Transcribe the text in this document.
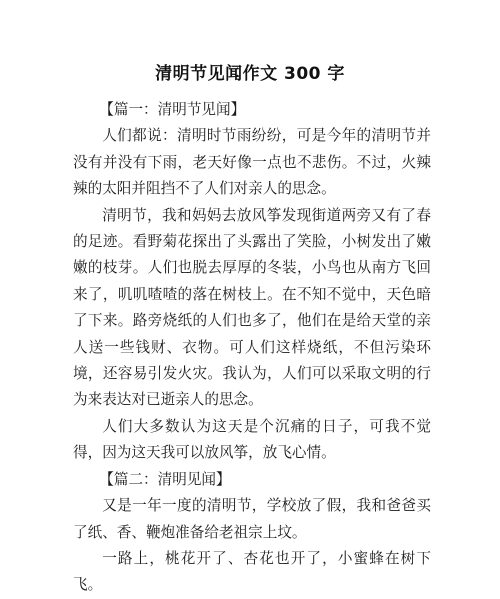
清明节见闻作文 300 字

【篇一：清明节见闻】

人们都说：清明时节雨纷纷，可是今年的清明节并没有并没有下雨，老天好像一点也不悲伤。不过，火辣辣的太阳并阻挡不了人们对亲人的思念。

清明节，我和妈妈去放风筝发现街道两旁又有了春的足迹。看野菊花探出了头露出了笑脸，小树发出了嫩嫩的枝芽。人们也脱去厚厚的冬装，小鸟也从南方飞回来了，叽叽喳喳的落在树枝上。在不知不觉中，天色暗了下来。路旁烧纸的人们也多了，他们在是给天堂的亲人送一些钱财、衣物。可人们这样烧纸，不但污染环境，还容易引发火灾。我认为，人们可以采取文明的行为来表达对已逝亲人的思念。

人们大多数认为这天是个沉痛的日子，可我不觉得，因为这天我可以放风筝，放飞心情。

【篇二：清明见闻】

又是一年一度的清明节，学校放了假，我和爸爸买了纸、香、鞭炮准备给老祖宗上坟。

一路上，桃花开了、杏花也开了，小蜜蜂在树下飞。
